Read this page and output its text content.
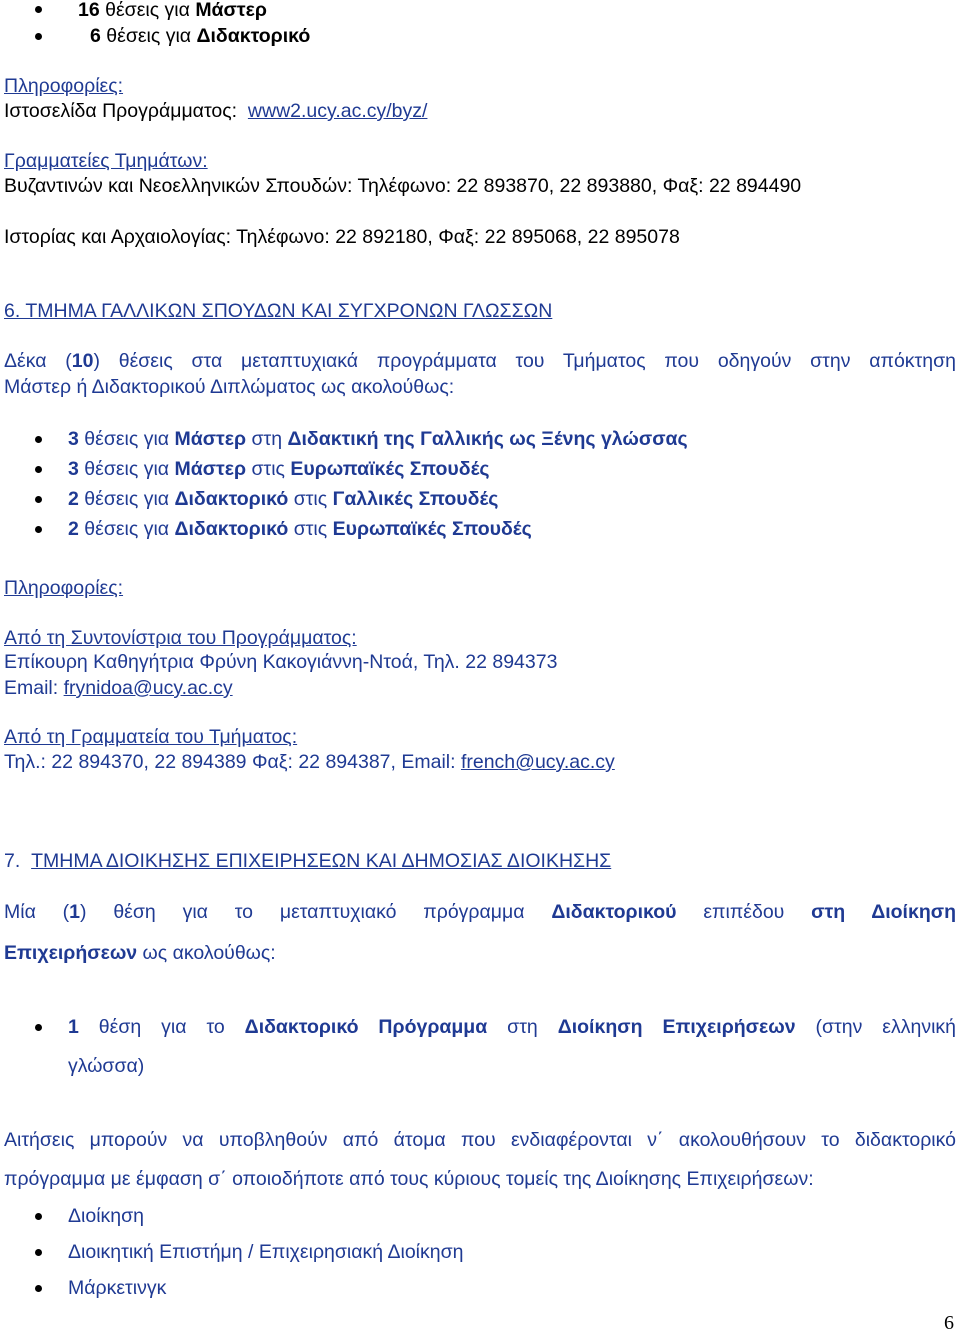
16 θέσεις για Μάστερ
6 θέσεις για Διδακτορικό
Πληροφορίες:
Ιστοσελίδα Προγράμματος: www2.ucy.ac.cy/byz/
Γραμματείες Τμημάτων:
Βυζαντινών και Νεοελληνικών Σπουδών: Τηλέφωνο: 22 893870, 22 893880, Φαξ: 22 894490
Ιστορίας και Αρχαιολογίας: Τηλέφωνο: 22 892180, Φαξ: 22 895068, 22 895078
6. ΤΜΗΜΑ ΓΑΛΛΙΚΩΝ ΣΠΟΥΔΩΝ ΚΑΙ ΣΥΓΧΡΟΝΩΝ ΓΛΩΣΣΩΝ
Δέκα (10) θέσεις στα μεταπτυχιακά προγράμματα του Τμήματος που οδηγούν στην απόκτηση
Μάστερ ή Διδακτορικού Διπλώματος ως ακολούθως:
3 θέσεις για Μάστερ στη Διδακτική της Γαλλικής ως Ξένης γλώσσας
3 θέσεις για Μάστερ στις Ευρωπαϊκές Σπουδές
2 θέσεις για Διδακτορικό στις Γαλλικές Σπουδές
2 θέσεις για Διδακτορικό στις Ευρωπαϊκές Σπουδές
Πληροφορίες:
Από τη Συντονίστρια του Προγράμματος:
Επίκουρη Καθηγήτρια Φρύνη Κακογιάννη-Ντοά, Τηλ. 22 894373
Email: frynidoa@ucy.ac.cy
Από τη Γραμματεία του Τμήματος:
Τηλ.: 22 894370, 22 894389 Φαξ: 22 894387, Email: french@ucy.ac.cy
7. ΤΜΗΜΑ ΔΙΟΙΚΗΣΗΣ ΕΠΙΧΕΙΡΗΣΕΩΝ ΚΑΙ ΔΗΜΟΣΙΑΣ ΔΙΟΙΚΗΣΗΣ
Μία (1) θέση για το μεταπτυχιακό πρόγραμμα Διδακτορικού επιπέδου στη Διοίκηση
Επιχειρήσεων ως ακολούθως:
1 θέση για το Διδακτορικό Πρόγραμμα στη Διοίκηση Επιχειρήσεων (στην ελληνική
γλώσσα)
Αιτήσεις μπορούν να υποβληθούν από άτομα που ενδιαφέρονται ν΄ ακολουθήσουν το διδακτορικό
πρόγραμμα με έμφαση σ΄ οποιοδήποτε από τους κύριους τομείς της Διοίκησης Επιχειρήσεων:
Διοίκηση
Διοικητική Επιστήμη / Επιχειρησιακή Διοίκηση
Μάρκετινγκ
6
